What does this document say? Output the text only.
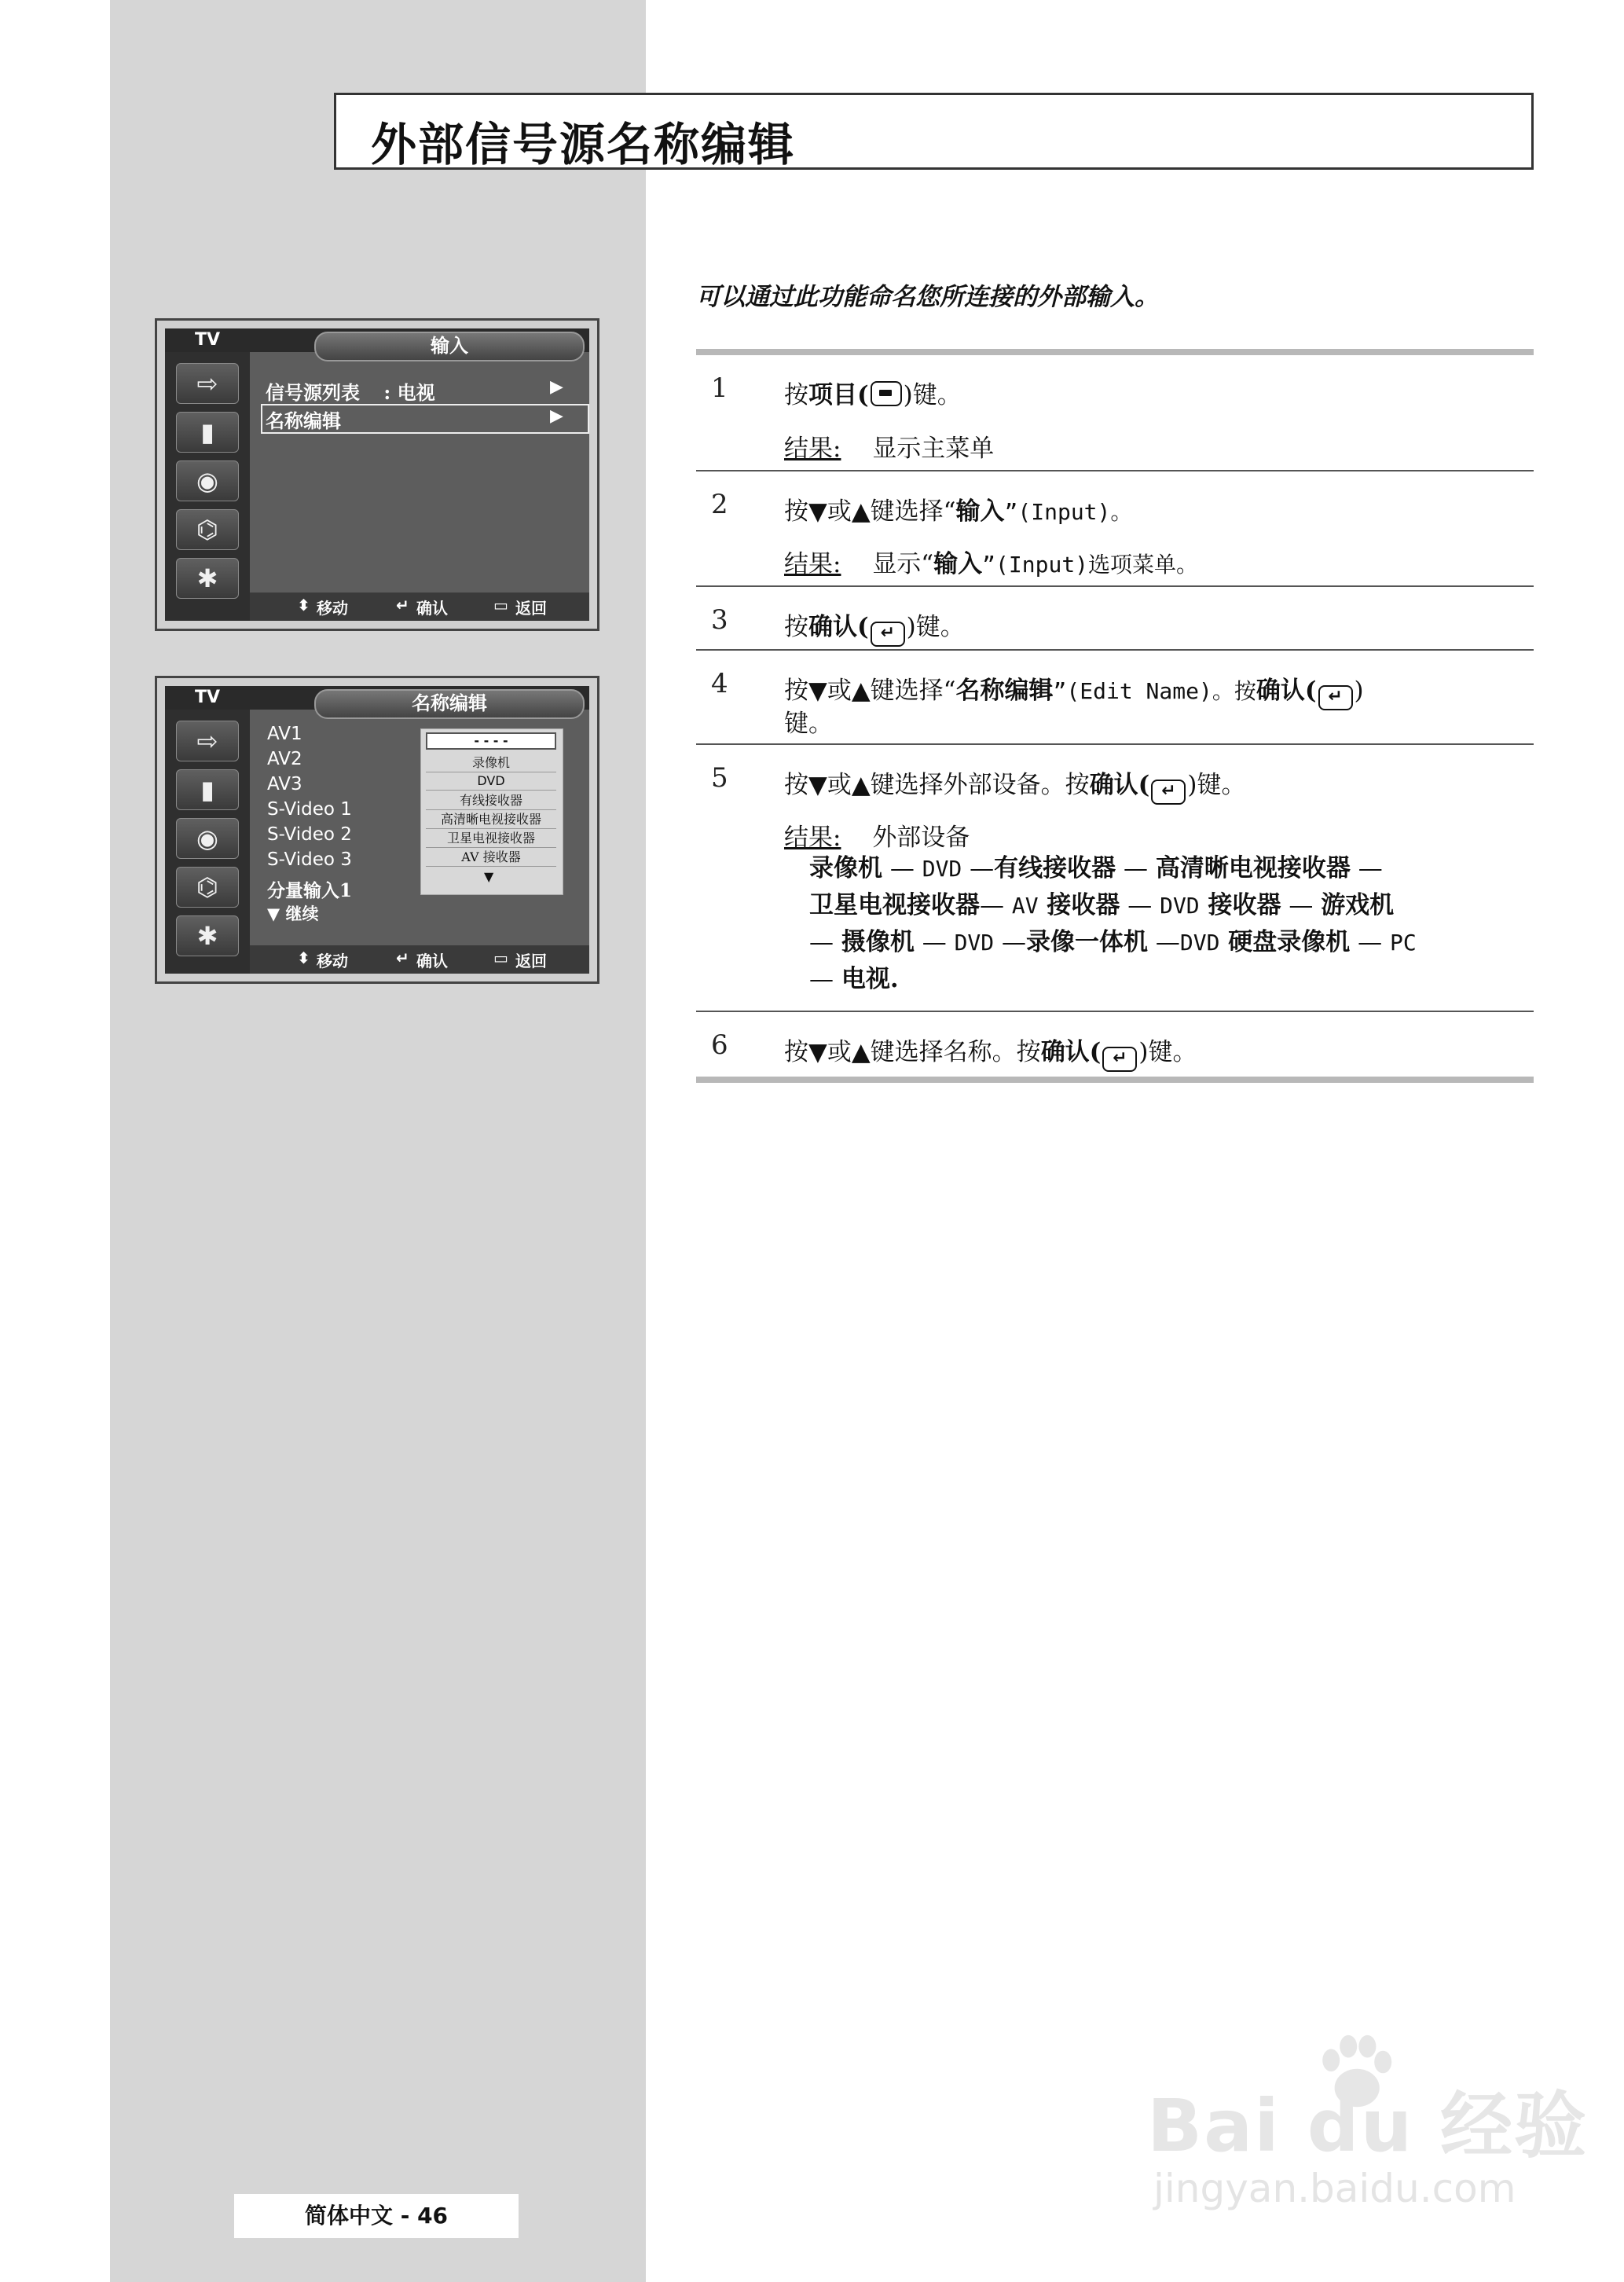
外部信号源名称编辑
可以通过此功能命名您所连接的外部输入。
TV	输入
⇨
▮
◉
⌬
✱
信号源列表 : 电视	▶
名称编辑	▶
⬍ 移动	↵ 确认	▭ 返回
TV	名称编辑
⇨
▮
◉
⌬
✱
AV1
AV2
AV3
S-Video 1
S-Video 2
S-Video 3
分量输入1
▼ 继续
- - - -
录像机
DVD
有线接收器
高清晰电视接收器
卫星电视接收器
AV 接收器
▼
⬍ 移动	↵ 确认	▭ 返回
1 按项目( )键。
结果: 显示主菜单
2 按▼或▲键选择“输入”(Input)。
结果: 显示“输入”(Input)选项菜单。
3 按确认( ↵ )键。
4 按▼或▲键选择“名称编辑”(Edit Name)。按确认( ↵ )
键。
5 按▼或▲键选择外部设备。按确认( ↵ )键。
结果: 外部设备
录像机 — DVD —有线接收器 — 高清晰电视接收器 —
卫星电视接收器— AV 接收器 — DVD 接收器 — 游戏机
— 摄像机 — DVD —录像一体机 —DVD 硬盘录像机 — PC
— 电视.
6 按▼或▲键选择名称。按确认( ↵ )键。
简体中文 - 46
Bai du 经验
jingyan.baidu.com
